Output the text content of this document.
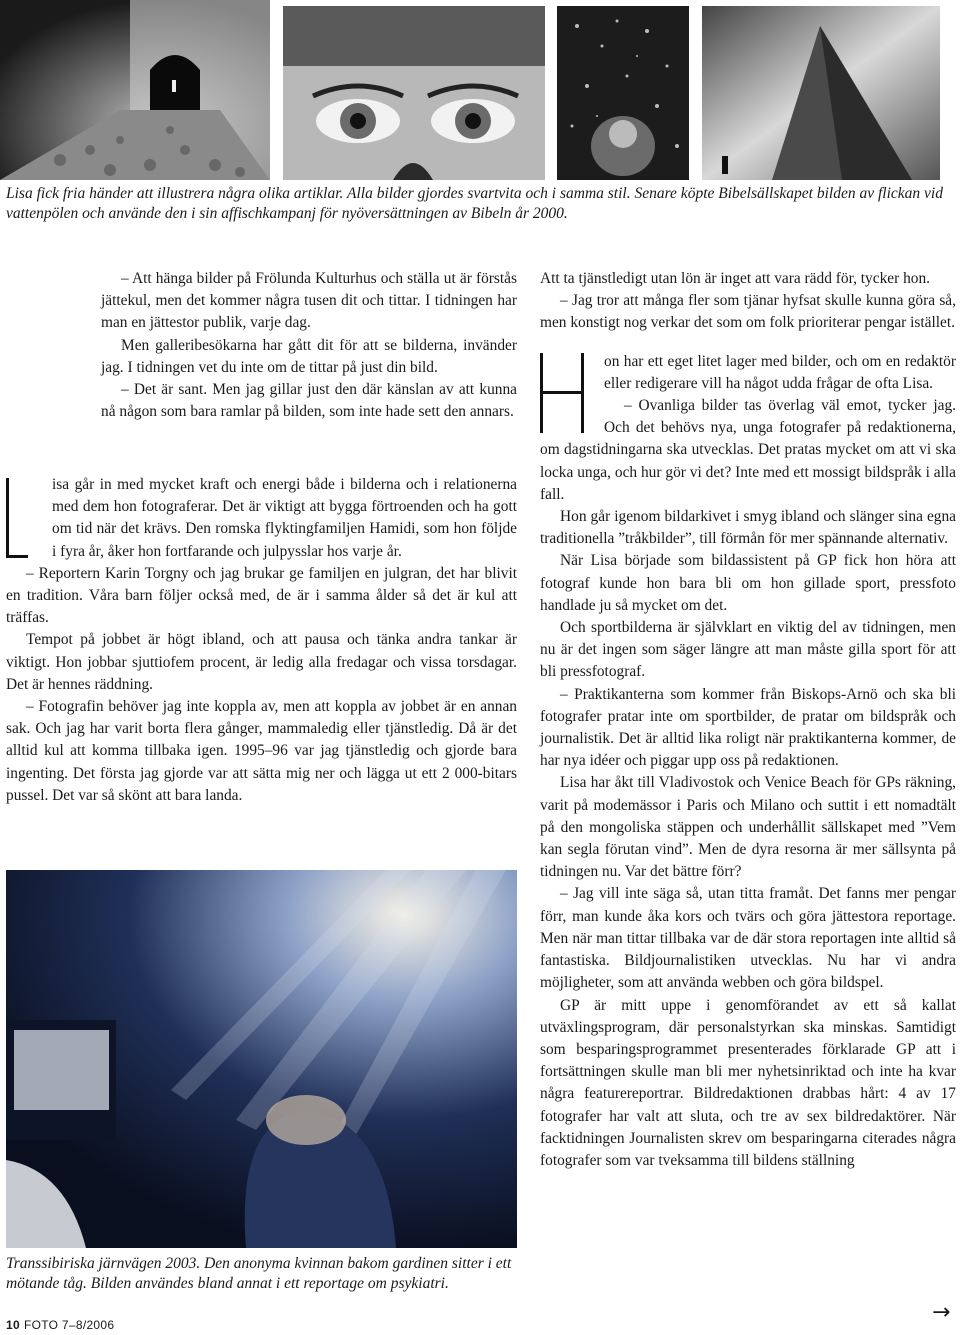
Lisa fick fria händer att illustrera några olika artiklar. Alla bilder gjordes svartvita och i samma stil. Senare köpte Bibelsällskapet bilden av flickan vid vattenpölen och använde den i sin affischkampanj för nyöversättningen av Bibeln år 2000.

– Att hänga bilder på Frölunda Kulturhus och ställa ut är förstås jättekul, men det kommer några tusen dit och tittar. I tidningen har man en jättestor publik, varje dag.

Men galleribesökarna har gått dit för att se bilderna, invänder jag. I tidningen vet du inte om de tittar på just din bild.

– Det är sant. Men jag gillar just den där känslan av att kunna nå någon som bara ramlar på bilden, som inte hade sett den annars.

isa går in med mycket kraft och energi både i bilderna och i relationerna med dem hon fotograferar. Det är viktigt att bygga förtroenden och ha gott om tid när det krävs. Den romska flyktingfamiljen Hamidi, som hon följde i fyra år, åker hon fortfarande och julpysslar hos varje år.

– Reportern Karin Torgny och jag brukar ge familjen en julgran, det har blivit en tradition. Våra barn följer också med, de är i samma ålder så det är kul att träffas.

Tempot på jobbet är högt ibland, och att pausa och tänka andra tankar är viktigt. Hon jobbar sjuttiofem procent, är ledig alla fredagar och vissa torsdagar. Det är hennes räddning.

– Fotografin behöver jag inte koppla av, men att koppla av jobbet är en annan sak. Och jag har varit borta flera gånger, mammaledig eller tjänstledig. Då är det alltid kul att komma tillbaka igen. 1995–96 var jag tjänstledig och gjorde bara ingenting. Det första jag gjorde var att sätta mig ner och lägga ut ett 2 000-bitars pussel. Det var så skönt att bara landa.

Transsibiriska järnvägen 2003. Den anonyma kvinnan bakom gardinen sitter i ett mötande tåg. Bilden användes bland annat i ett reportage om psykiatri.

Att ta tjänstledigt utan lön är inget att vara rädd för, tycker hon.

– Jag tror att många fler som tjänar hyfsat skulle kunna göra så, men konstigt nog verkar det som om folk prioriterar pengar istället.

on har ett eget litet lager med bilder, och om en redaktör eller redigerare vill ha något udda frågar de ofta Lisa.

– Ovanliga bilder tas överlag väl emot, tycker jag. Och det behövs nya, unga fotografer på redaktionerna, om dagstidningarna ska utvecklas. Det pratas mycket om att vi ska locka unga, och hur gör vi det? Inte med ett mossigt bildspråk i alla fall.

Hon går igenom bildarkivet i smyg ibland och slänger sina egna traditionella ”tråkbilder”, till förmån för mer spännande alternativ.

När Lisa började som bildassistent på GP fick hon höra att fotograf kunde hon bara bli om hon gillade sport, pressfoto handlade ju så mycket om det.

Och sportbilderna är självklart en viktig del av tidningen, men nu är det ingen som säger längre att man måste gilla sport för att bli pressfotograf.

– Praktikanterna som kommer från Biskops-Arnö och ska bli fotografer pratar inte om sportbilder, de pratar om bildspråk och journalistik. Det är alltid lika roligt när praktikanterna kommer, de har nya idéer och piggar upp oss på redaktionen.

Lisa har åkt till Vladivostok och Venice Beach för GPs räkning, varit på modemässor i Paris och Milano och suttit i ett nomadtält på den mongoliska stäppen och underhållit sällskapet med ”Vem kan segla förutan vind”. Men de dyra resorna är mer sällsynta på tidningen nu. Var det bättre förr?

– Jag vill inte säga så, utan titta framåt. Det fanns mer pengar förr, man kunde åka kors och tvärs och göra jättestora reportage. Men när man tittar tillbaka var de där stora reportagen inte alltid så fantastiska. Bildjournalistiken utvecklas. Nu har vi andra möjligheter, som att använda webben och göra bildspel.

GP är mitt uppe i genomförandet av ett så kallat utväxlingsprogram, där personalstyrkan ska minskas. Samtidigt som besparingsprogrammet presenterades förklarade GP att i fortsättningen skulle man bli mer nyhetsinriktad och inte ha kvar några featurereportrar. Bildredaktionen drabbas hårt: 4 av 17 fotografer har valt att sluta, och tre av sex bildredaktörer. När facktidningen Journalisten skrev om besparingarna citerades några fotografer som var tveksamma till bildens ställning

→
10 FOTO 7–8/2006
